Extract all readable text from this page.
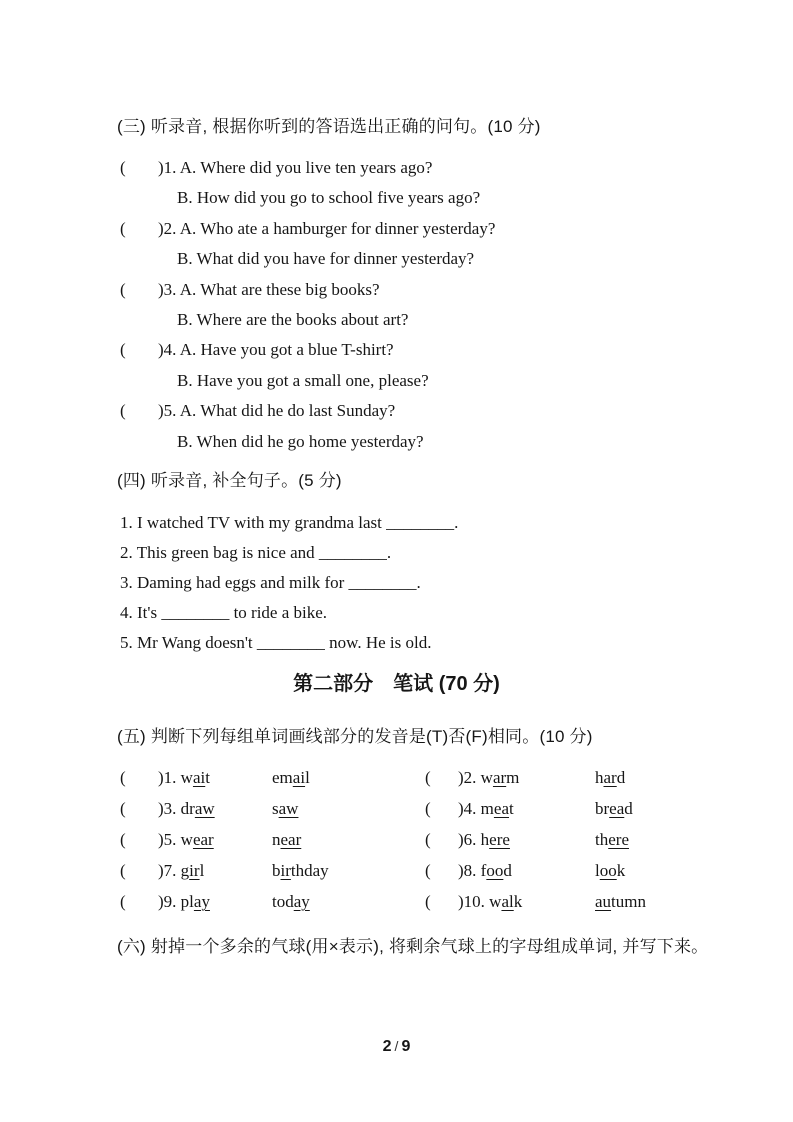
(三) 听录音, 根据你听到的答语选出正确的问句。(10 分)
( )1. A. Where did you live ten years ago?
B. How did you go to school five years ago?
( )2. A. Who ate a hamburger for dinner yesterday?
B. What did you have for dinner yesterday?
( )3. A. What are these big books?
B. Where are the books about art?
( )4. A. Have you got a blue T-shirt?
B. Have you got a small one, please?
( )5. A. What did he do last Sunday?
B. When did he go home yesterday?
(四) 听录音, 补全句子。(5 分)
1. I watched TV with my grandma last ________.
2. This green bag is nice and ________.
3. Daming had eggs and milk for ________.
4. It's ________ to ride a bike.
5. Mr Wang doesn't ________ now. He is old.
第二部分　笔试 (70 分)
(五) 判断下列每组单词画线部分的发音是(T)否(F)相同。(10 分)
(	)1. wait	email	(	)2. warm	hard
(	)3. draw	saw	(	)4. meat	bread
(	)5. wear	near	(	)6. here	there
(	)7. girl	birthday	(	)8. food	look
(	)9. play	today	(	)10. walk	autumn
(六) 射掉一个多余的气球(用×表示), 将剩余气球上的字母组成单词, 并写下来。
2 / 9
